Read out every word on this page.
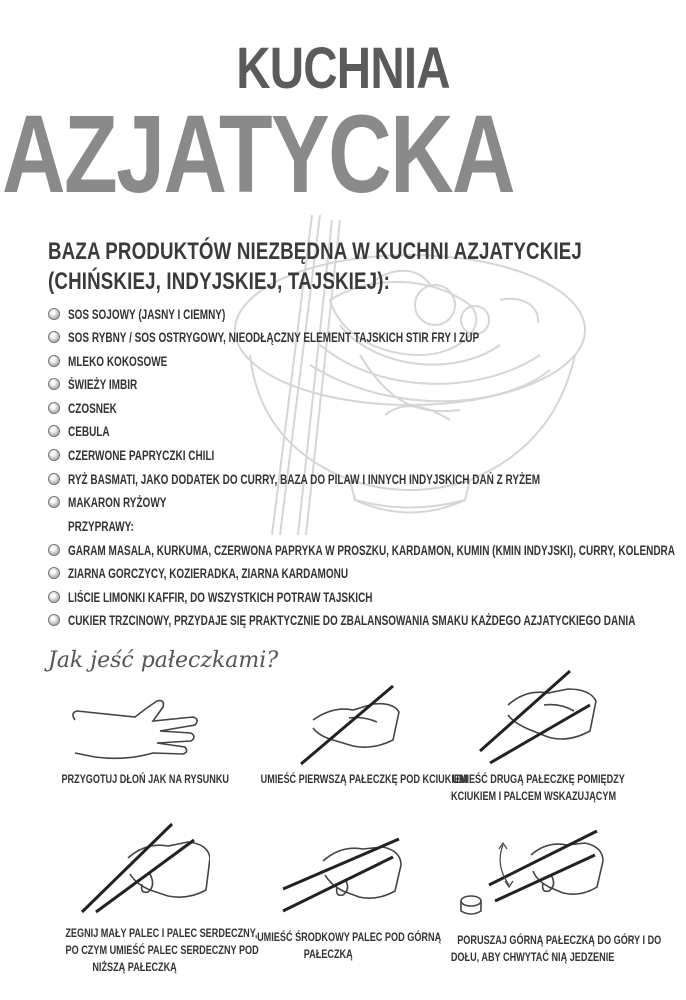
KUCHNIA
AZJATYCKA
BAZA PRODUKTÓW NIEZBĘDNA W KUCHNI AZJATYCKIEJ
(CHIŃSKIEJ, INDYJSKIEJ, TAJSKIEJ):
SOS SOJOWY (JASNY I CIEMNY)
SOS RYBNY / SOS OSTRYGOWY, NIEODŁĄCZNY ELEMENT TAJSKICH STIR FRY I ZUP
MLEKO KOKOSOWE
ŚWIEŻY IMBIR
CZOSNEK
CEBULA
CZERWONE PAPRYCZKI CHILI
RYŻ BASMATI, JAKO DODATEK DO CURRY, BAZA DO PILAW I INNYCH INDYJSKICH DAŃ Z RYŻEM
MAKARON RYŻOWY
PRZYPRAWY:
GARAM MASALA, KURKUMA, CZERWONA PAPRYKA W PROSZKU, KARDAMON, KUMIN (KMIN INDYJSKI), CURRY, KOLENDRA
ZIARNA GORCZYCY, KOZIERADKA, ZIARNA KARDAMONU
LIŚCIE LIMONKI KAFFIR, DO WSZYSTKICH POTRAW TAJSKICH
CUKIER TRZCINOWY, PRZYDAJE SIĘ PRAKTYCZNIE DO ZBALANSOWANIA SMAKU KAŻDEGO AZJATYCKIEGO DANIA
Jak jeść pałeczkami?
PRZYGOTUJ DŁOŃ JAK NA RYSUNKU	UMIEŚĆ PIERWSZĄ PAŁECZKĘ POD KCIUKIEM
UMIEŚĆ DRUGĄ PAŁECZKĘ POMIĘDZY
KCIUKIEM I PALCEM WSKAZUJĄCYM
ZEGNIJ MAŁY PALEC I PALEC SERDECZNY,
PO CZYM UMIEŚĆ PALEC SERDECZNY POD
NIŻSZĄ PAŁECZKĄ
UMIEŚĆ ŚRODKOWY PALEC POD GÓRNĄ
PAŁECZKĄ
PORUSZAJ GÓRNĄ PAŁECZKĄ DO GÓRY I DO
DOŁU, ABY CHWYTAĆ NIĄ JEDZENIE
